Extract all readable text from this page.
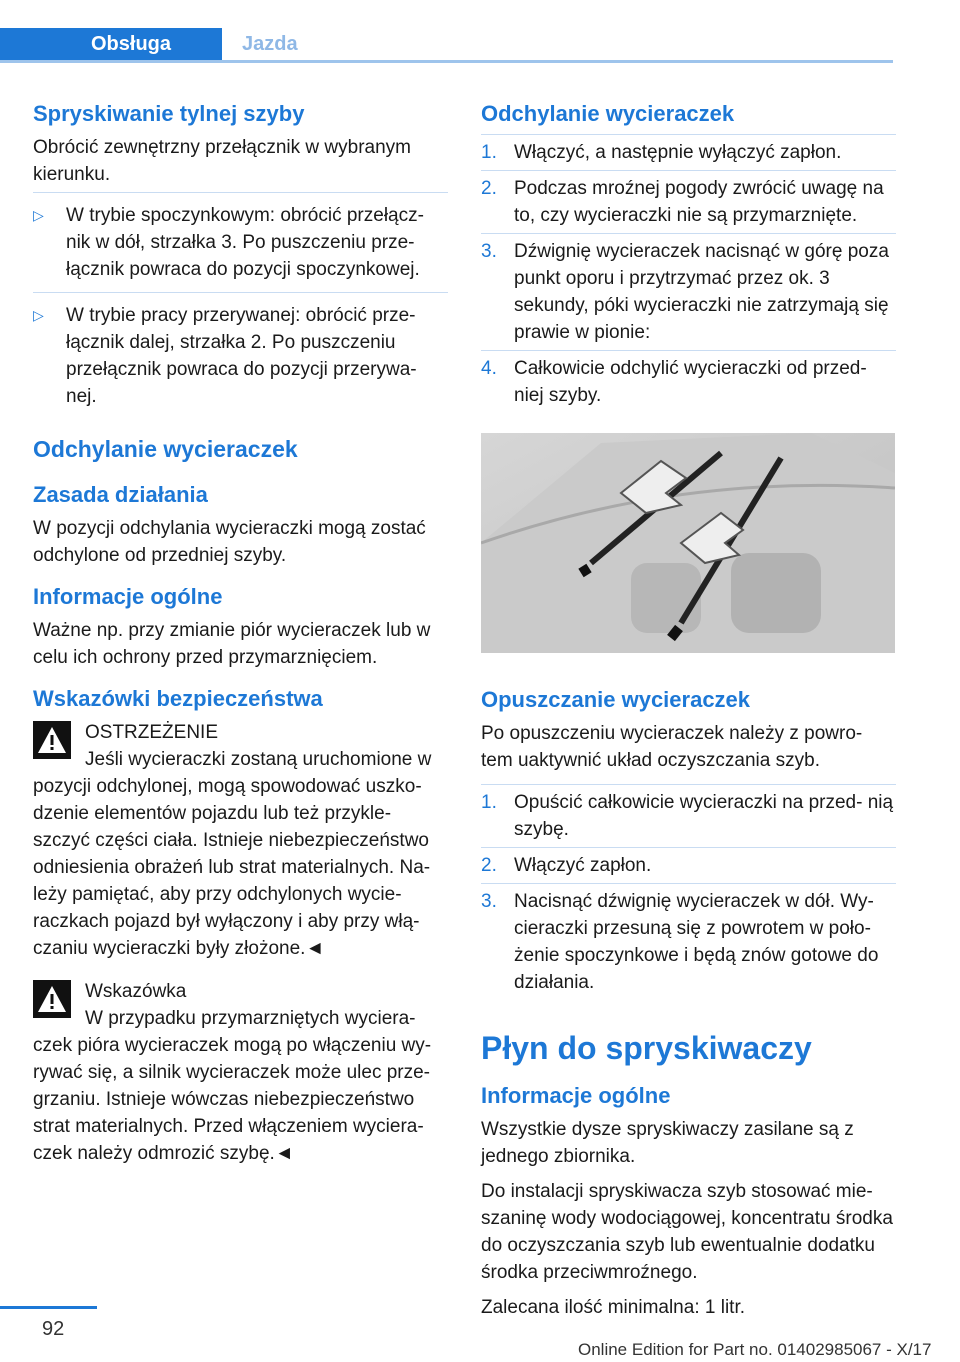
Obsługa	Jazda
Spryskiwanie tylnej szyby

Obrócić zewnętrzny przełącznik w wybranym kierunku.

▷ W trybie spoczynkowym: obrócić przełącz‐ nik w dół, strzałka 3. Po puszczeniu prze‐ łącznik powraca do pozycji spoczynkowej.
▷ W trybie pracy przerywanej: obrócić prze‐ łącznik dalej, strzałka 2. Po puszczeniu przełącznik powraca do pozycji przerywa‐ nej.
Odchylanie wycieraczek
Zasada działania

W pozycji odchylania wycieraczki mogą zostać odchylone od przedniej szyby.

Informacje ogólne

Ważne np. przy zmianie piór wycieraczek lub w celu ich ochrony przed przymarznięciem.

Wskazówki bezpieczeństwa
OSTRZEŻENIE
Jeśli wycieraczki zostaną uruchomione w pozycji odchylonej, mogą spowodować uszko‐ dzenie elementów pojazdu lub też przykle‐ szczyć części ciała. Istnieje niebezpieczeństwo odniesienia obrażeń lub strat materialnych. Na‐ leży pamiętać, aby przy odchylonych wycie‐ raczkach pojazd był wyłączony i aby przy włą‐ czaniu wycieraczki były złożone.◄
Wskazówka
W przypadku przymarzniętych wyciera‐ czek pióra wycieraczek mogą po włączeniu wy‐ rywać się, a silnik wycieraczek może ulec prze‐ grzaniu. Istnieje wówczas niebezpieczeństwo strat materialnych. Przed włączeniem wyciera‐ czek należy odmrozić szybę.◄
Odchylanie wycieraczek
1. Włączyć, a następnie wyłączyć zapłon.
2. Podczas mroźnej pogody zwrócić uwagę na to, czy wycieraczki nie są przymarznięte.
3. Dźwignię wycieraczek nacisnąć w górę poza punkt oporu i przytrzymać przez ok. 3 sekundy, póki wycieraczki nie zatrzymają się prawie w pionie:
4. Całkowicie odchylić wycieraczki od przed‐ niej szyby.
Opuszczanie wycieraczek

Po opuszczeniu wycieraczek należy z powro‐ tem uaktywnić układ oczyszczania szyb.

1. Opuścić całkowicie wycieraczki na przed‐ nią szybę.
2. Włączyć zapłon.
3. Nacisnąć dźwignię wycieraczek w dół. Wy‐ cieraczki przesuną się z powrotem w poło‐ żenie spoczynkowe i będą znów gotowe do działania.
Płyn do spryskiwaczy
Informacje ogólne

Wszystkie dysze spryskiwaczy zasilane są z jednego zbiornika.

Do instalacji spryskiwacza szyb stosować mie‐ szaninę wody wodociągowej, koncentratu środka do oczyszczania szyb lub ewentualnie dodatku środka przeciwmroźnego.

Zalecana ilość minimalna: 1 litr.

92
Online Edition for Part no. 01402985067 - X/17
